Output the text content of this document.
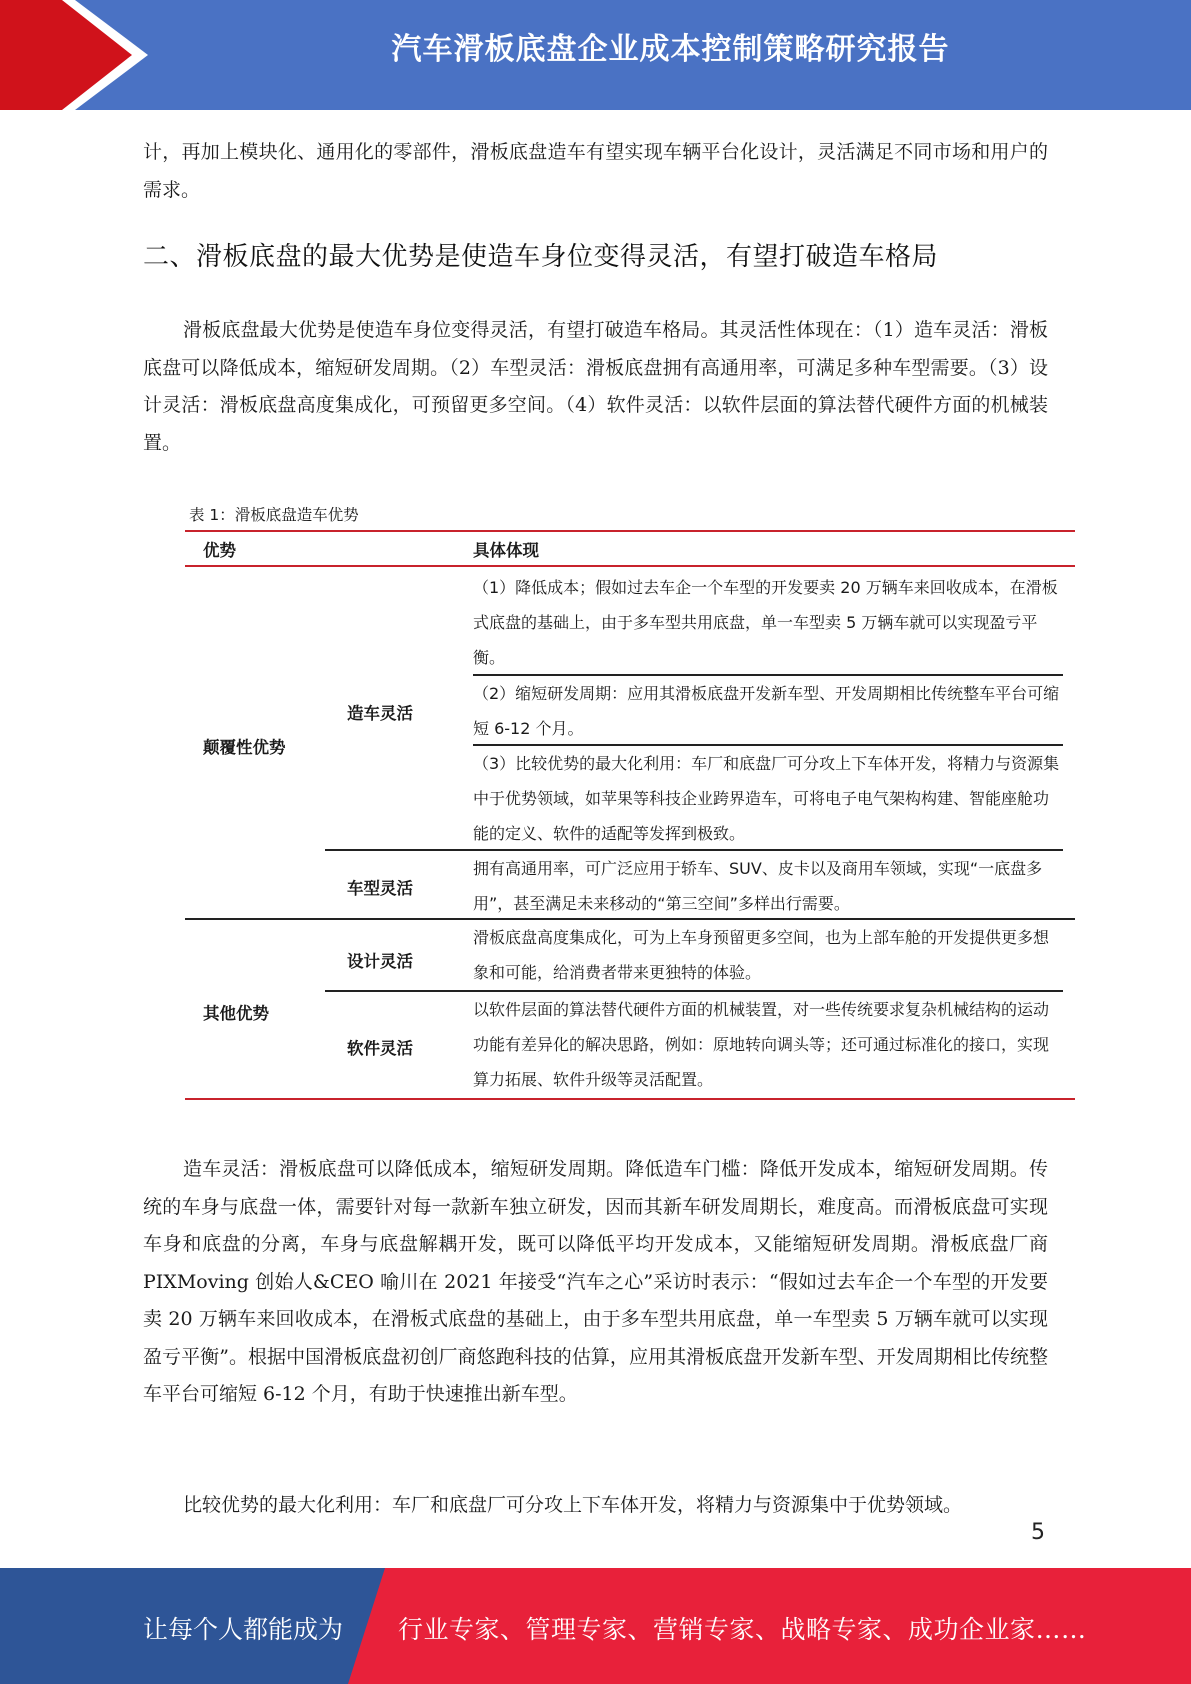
汽车滑板底盘企业成本控制策略研究报告
计，再加上模块化、通用化的零部件，滑板底盘造车有望实现车辆平台化设计，灵活满足不同市场和用户的需求。
二、滑板底盘的最大优势是使造车身位变得灵活，有望打破造车格局
滑板底盘最大优势是使造车身位变得灵活，有望打破造车格局。其灵活性体现在：（1）造车灵活：滑板底盘可以降低成本，缩短研发周期。（2）车型灵活：滑板底盘拥有高通用率，可满足多种车型需要。（3）设计灵活：滑板底盘高度集成化，可预留更多空间。（4）软件灵活：以软件层面的算法替代硬件方面的机械装置。
表 1：滑板底盘造车优势
优势	具体体现
颠覆性优势
其他优势
造车灵活
车型灵活
设计灵活
软件灵活
（1）降低成本；假如过去车企一个车型的开发要卖 20 万辆车来回收成本，在滑板式底盘的基础上，由于多车型共用底盘，单一车型卖 5 万辆车就可以实现盈亏平衡。
（2）缩短研发周期：应用其滑板底盘开发新车型、开发周期相比传统整车平台可缩短 6-12 个月。
（3）比较优势的最大化利用：车厂和底盘厂可分攻上下车体开发，将精力与资源集中于优势领域，如苹果等科技企业跨界造车，可将电子电气架构构建、智能座舱功能的定义、软件的适配等发挥到极致。
拥有高通用率，可广泛应用于轿车、SUV、皮卡以及商用车领域，实现“一底盘多用”，甚至满足未来移动的“第三空间”多样出行需要。
滑板底盘高度集成化，可为上车身预留更多空间，也为上部车舱的开发提供更多想象和可能，给消费者带来更独特的体验。
以软件层面的算法替代硬件方面的机械装置，对一些传统要求复杂机械结构的运动功能有差异化的解决思路，例如：原地转向调头等；还可通过标准化的接口，实现算力拓展、软件升级等灵活配置。
造车灵活：滑板底盘可以降低成本，缩短研发周期。降低造车门槛：降低开发成本，缩短研发周期。传统的车身与底盘一体，需要针对每一款新车独立研发，因而其新车研发周期长，难度高。而滑板底盘可实现车身和底盘的分离，车身与底盘解耦开发，既可以降低平均开发成本，又能缩短研发周期。滑板底盘厂商 PIXMoving 创始人&CEO 喻川在 2021 年接受“汽车之心”采访时表示：“假如过去车企一个车型的开发要卖 20 万辆车来回收成本，在滑板式底盘的基础上，由于多车型共用底盘，单一车型卖 5 万辆车就可以实现盈亏平衡”。根据中国滑板底盘初创厂商悠跑科技的估算，应用其滑板底盘开发新车型、开发周期相比传统整车平台可缩短 6-12 个月，有助于快速推出新车型。
比较优势的最大化利用：车厂和底盘厂可分攻上下车体开发，将精力与资源集中于优势领域。
5
让每个人都能成为 行业专家、管理专家、营销专家、战略专家、成功企业家……
